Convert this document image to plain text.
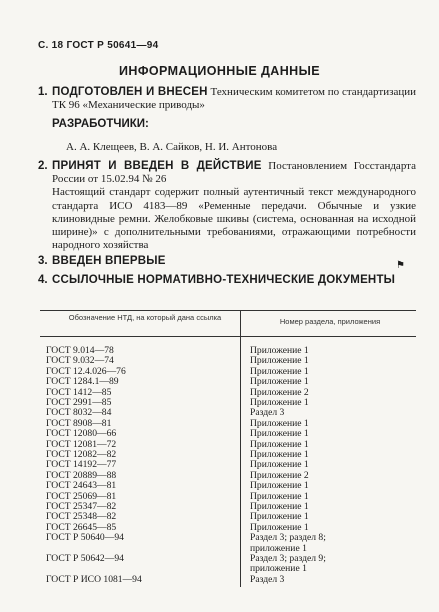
С. 18 ГОСТ Р 50641—94
ИНФОРМАЦИОННЫЕ ДАННЫЕ
1. ПОДГОТОВЛЕН И ВНЕСЕН Техническим комитетом по стандартизации ТК 96 «Механические приводы»
РАЗРАБОТЧИКИ:
А. А. Клещеев, В. А. Сайков, Н. И. Антонова
2. ПРИНЯТ И ВВЕДЕН В ДЕЙСТВИЕ Постановлением Госстандарта России от 15.02.94 № 26
Настоящий стандарт содержит полный аутентичный текст международного стандарта ИСО 4183—89 «Ременные передачи. Обычные и узкие клиновидные ремни. Желобковые шкивы (система, основанная на исходной ширине)» с дополнительными требованиями, отражающими потребности народного хозяйства
3. ВВЕДЕН ВПЕРВЫЕ	⚑
4. ССЫЛОЧНЫЕ НОРМАТИВНО-ТЕХНИЧЕСКИЕ ДОКУМЕНТЫ
Обозначение НТД, на который дана ссылка	Номер раздела, приложения
ГОСТ 9.014—78	Приложение 1
ГОСТ 9.032—74	Приложение 1
ГОСТ 12.4.026—76	Приложение 1
ГОСТ 1284.1—89	Приложение 1
ГОСТ 1412—85	Приложение 2
ГОСТ 2991—85	Приложение 1
ГОСТ 8032—84	Раздел 3
ГОСТ 8908—81	Приложение 1
ГОСТ 12080—66	Приложение 1
ГОСТ 12081—72	Приложение 1
ГОСТ 12082—82	Приложение 1
ГОСТ 14192—77	Приложение 1
ГОСТ 20889—88	Приложение 2
ГОСТ 24643—81	Приложение 1
ГОСТ 25069—81	Приложение 1
ГОСТ 25347—82	Приложение 1
ГОСТ 25348—82	Приложение 1
ГОСТ 26645—85	Приложение 1
ГОСТ Р 50640—94	Раздел 3; раздел 8;
приложение 1
ГОСТ Р 50642—94	Раздел 3; раздел 9;
приложение 1
ГОСТ Р ИСО 1081—94	Раздел 3
